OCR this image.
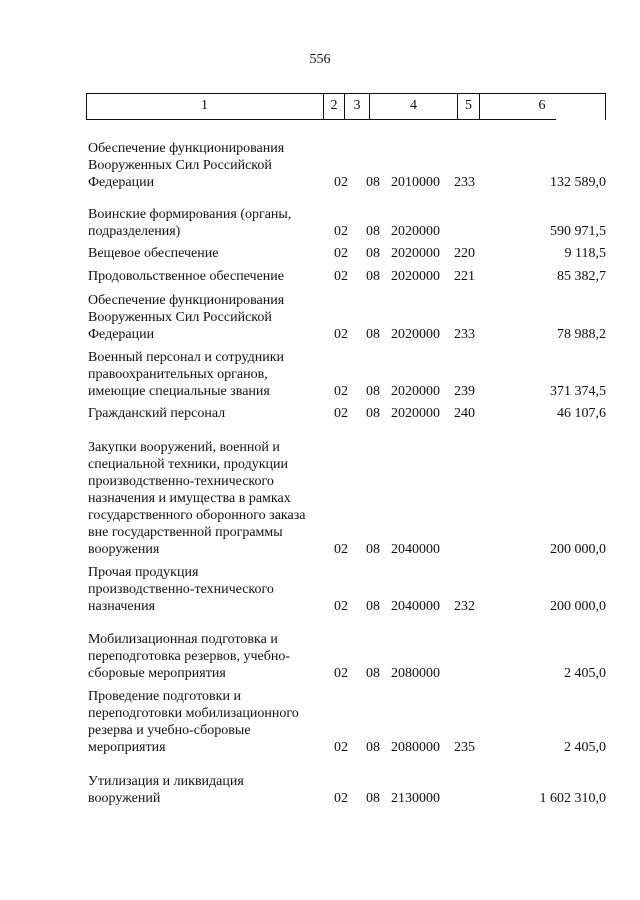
556
1	2	3	4	5	6
Обеспечение функционирования
Вооруженных Сил Российской
Федерации	02 08 2010000 233	132 589,0
Воинские формирования (органы,
подразделения)	02 08 2020000	590 971,5
Вещевое обеспечение	02 08 2020000 220	9 118,5
Продовольственное обеспечение	02 08 2020000 221	85 382,7
Обеспечение функционирования
Вооруженных Сил Российской
Федерации	02 08 2020000 233	78 988,2
Военный персонал и сотрудники
правоохранительных органов,
имеющие специальные звания	02 08 2020000 239	371 374,5
Гражданский персонал	02 08 2020000 240	46 107,6
Закупки вооружений, военной и
специальной техники, продукции
производственно-технического
назначения и имущества в рамках
государственного оборонного заказа
вне государственной программы
вооружения	02 08 2040000	200 000,0
Прочая продукция
производственно-технического
назначения	02 08 2040000 232	200 000,0
Мобилизационная подготовка и
переподготовка резервов, учебно-
сборовые мероприятия	02 08 2080000	2 405,0
Проведение подготовки и
переподготовки мобилизационного
резерва и учебно-сборовые
мероприятия	02 08 2080000 235	2 405,0
Утилизация и ликвидация
вооружений	02 08 2130000	1 602 310,0
